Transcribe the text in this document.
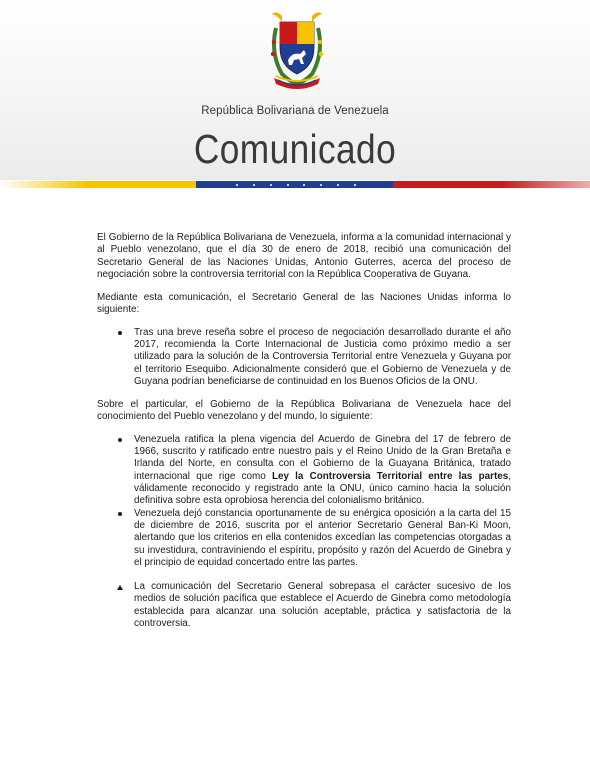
República Bolivariana de Venezuela
Comunicado

El Gobierno de la República Bolivariana de Venezuela, informa a la comunidad internacional y al Pueblo venezolano, que el día 30 de enero de 2018, recibió una comunicación del Secretario General de las Naciones Unidas, Antonio Guterres, acerca del proceso de negociación sobre la controversia territorial con la República Cooperativa de Guyana.

Mediante esta comunicación, el Secretario General de las Naciones Unidas informa lo siguiente:

Tras una breve reseña sobre el proceso de negociación desarrollado durante el año 2017, recomienda la Corte Internacional de Justicia como próximo medio a ser utilizado para la solución de la Controversia Territorial entre Venezuela y Guyana por el territorio Esequibo. Adicionalmente consideró que el Gobierno de Venezuela y de Guyana podrían beneficiarse de continuidad en los Buenos Oficios de la ONU.

Sobre el particular, el Gobierno de la República Bolivariana de Venezuela hace del conocimiento del Pueblo venezolano y del mundo, lo siguiente:

Venezuela ratifica la plena vigencia del Acuerdo de Ginebra del 17 de febrero de 1966, suscrito y ratificado entre nuestro país y el Reino Unido de la Gran Bretaña e Irlanda del Norte, en consulta con el Gobierno de la Guayana Británica, tratado internacional que rige como Ley la Controversia Territorial entre las partes, válidamente reconocido y registrado ante la ONU, único camino hacia la solución definitiva sobre esta oprobiosa herencia del colonialismo británico.
Venezuela dejó constancia oportunamente de su enérgica oposición a la carta del 15 de diciembre de 2016, suscrita por el anterior Secretario General Ban-Ki Moon, alertando que los criterios en ella contenidos excedían las competencias otorgadas a su investidura, contraviniendo el espíritu, propósito y razón del Acuerdo de Ginebra y el principio de equidad concertado entre las partes.
La comunicación del Secretario General sobrepasa el carácter sucesivo de los medios de solución pacífica que establece el Acuerdo de Ginebra como metodología establecida para alcanzar una solución aceptable, práctica y satisfactoria de la controversia.
